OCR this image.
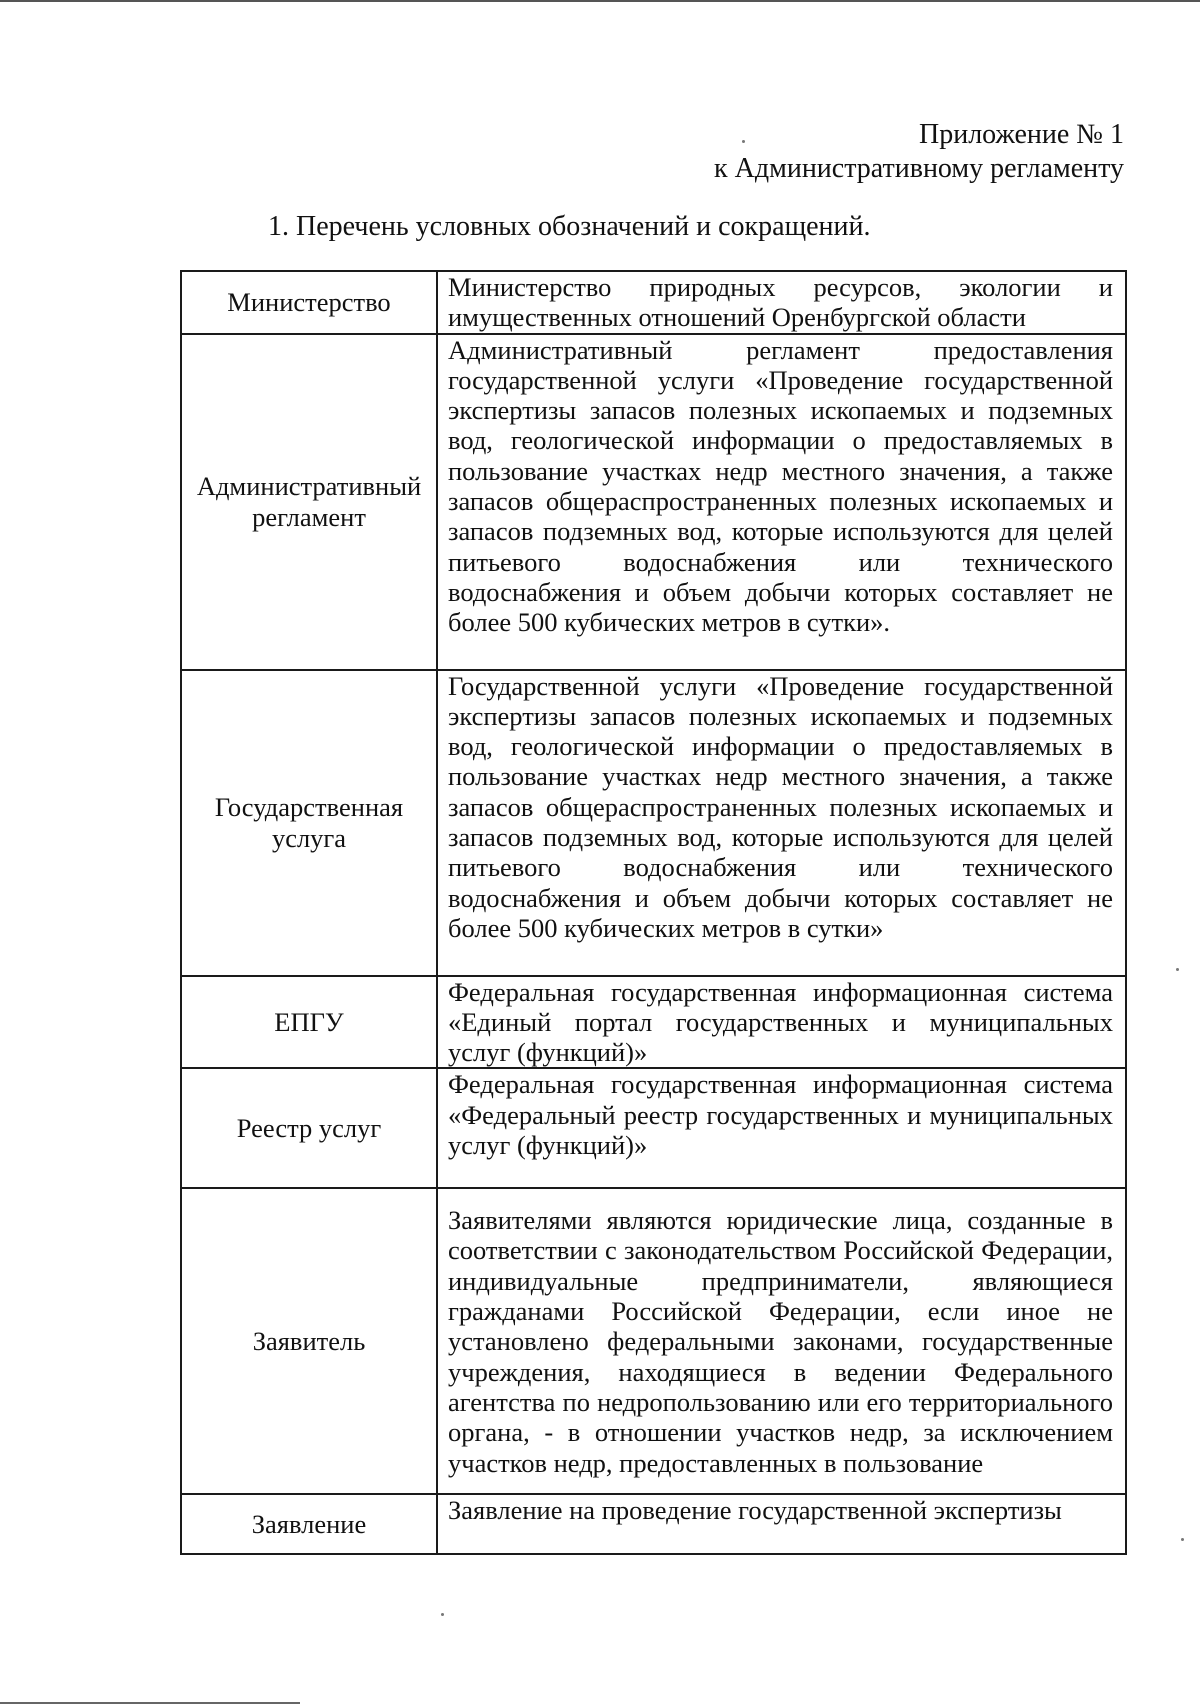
Приложение № 1
к Административному регламенту
1. Перечень условных обозначений и сокращений.
Министерство	Министерство природных ресурсов, экологии и имущественных отношений Оренбургской области
Административный регламент	Административный регламент предоставления государственной услуги «Проведение государственной экспертизы запасов полезных ископаемых и подземных вод, геологической информации о предоставляемых в пользование участках недр местного значения, а также запасов общераспространенных полезных ископаемых и запасов подземных вод, которые используются для целей питьевого водоснабжения или технического водоснабжения и объем добычи которых составляет не более 500 кубических метров в сутки».
Государственная услуга	Государственной услуги «Проведение государственной экспертизы запасов полезных ископаемых и подземных вод, геологической информации о предоставляемых в пользование участках недр местного значения, а также запасов общераспространенных полезных ископаемых и запасов подземных вод, которые используются для целей питьевого водоснабжения или технического водоснабжения и объем добычи которых составляет не более 500 кубических метров в сутки»
ЕПГУ	Федеральная государственная информационная система «Единый портал государственных и муниципальных услуг (функций)»
Реестр услуг	Федеральная государственная информационная система «Федеральный реестр государственных и муниципальных услуг (функций)»
Заявитель	Заявителями являются юридические лица, созданные в соответствии с законодательством Российской Федерации, индивидуальные предприниматели, являющиеся гражданами Российской Федерации, если иное не установлено федеральными законами, государственные учреждения, находящиеся в ведении Федерального агентства по недропользованию или его территориального органа, - в отношении участков недр, за исключением участков недр, предоставленных в пользование
Заявление	Заявление на проведение государственной экспертизы
